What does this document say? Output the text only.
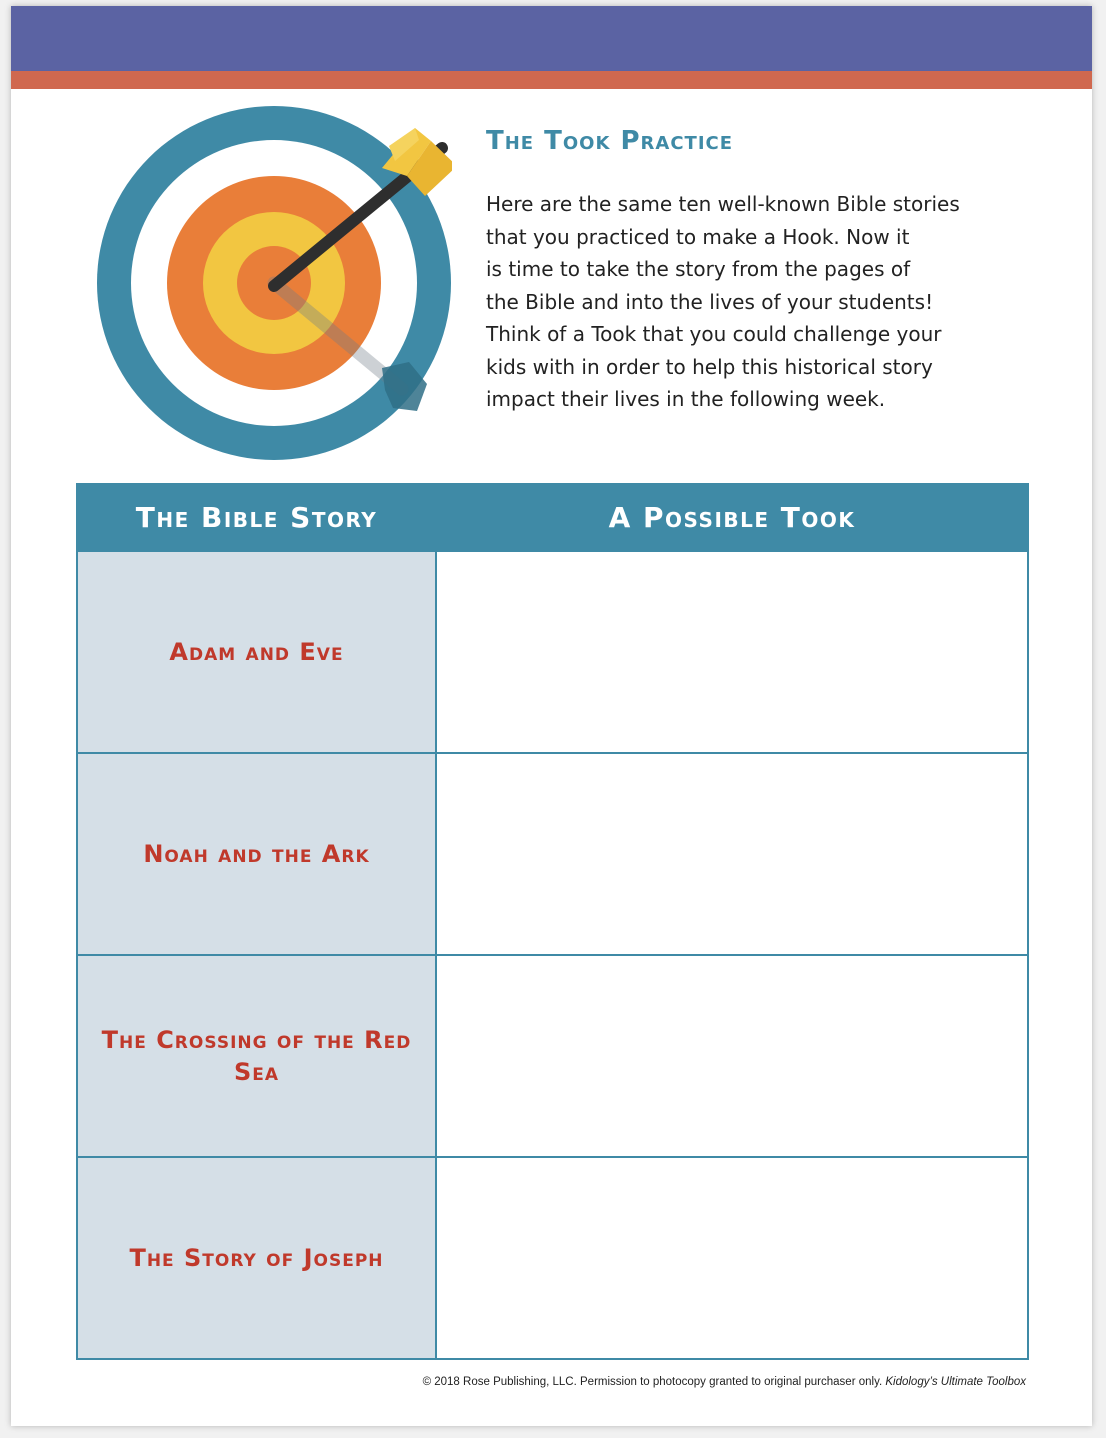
The Took Practice
Here are the same ten well-known Bible stories
that you practiced to make a Hook. Now it
is time to take the story from the pages of
the Bible and into the lives of your students!
Think of a Took that you could challenge your
kids with in order to help this historical story
impact their lives in the following week.
The Bible Story	A Possible Took
Adam and Eve	
Noah and the Ark	
The Crossing of the Red Sea	
The Story of Joseph	
© 2018 Rose Publishing, LLC. Permission to photocopy granted to original purchaser only. Kidology’s Ultimate Toolbox
